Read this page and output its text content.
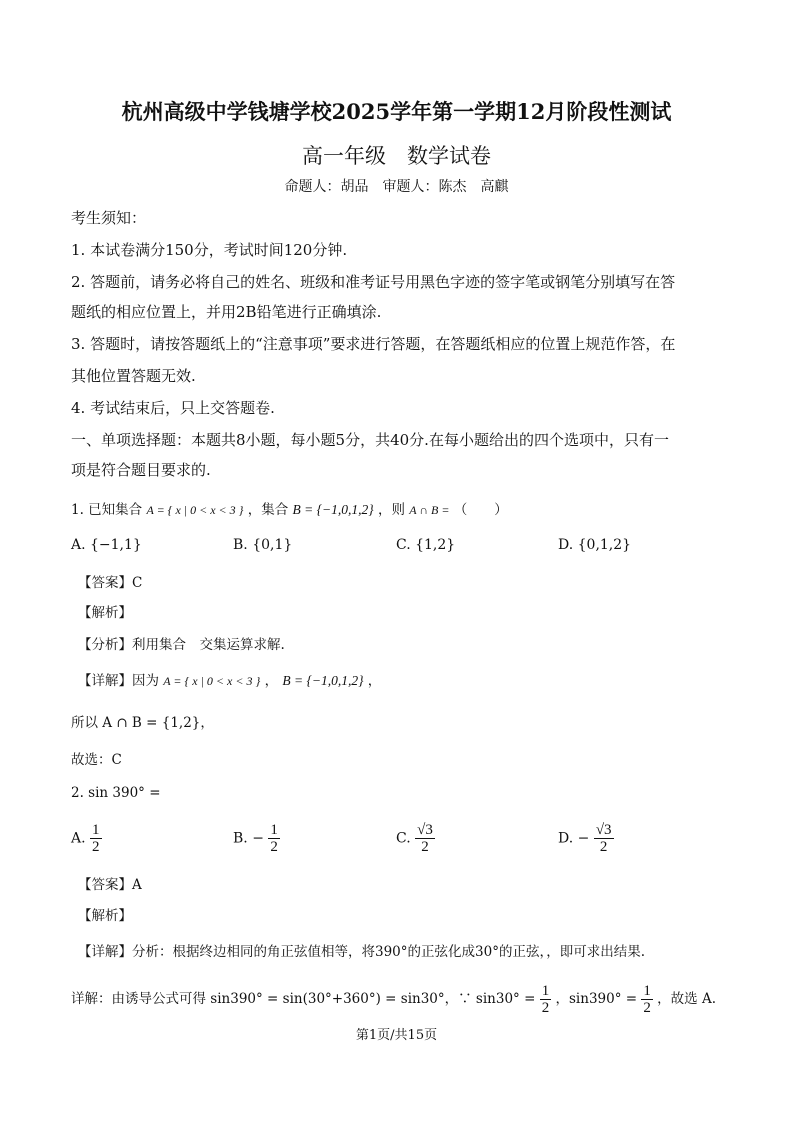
杭州高级中学钱塘学校2025学年第一学期12月阶段性测试
高一年级　数学试卷
命题人：胡品　审题人：陈杰　高麒
考生须知：
1. 本试卷满分150分，考试时间120分钟.
2. 答题前，请务必将自己的姓名、班级和准考证号用黑色字迹的签字笔或钢笔分别填写在答
题纸的相应位置上，并用2B铅笔进行正确填涂.
3. 答题时，请按答题纸上的“注意事项”要求进行答题，在答题纸相应的位置上规范作答，在
其他位置答题无效.
4. 考试结束后，只上交答题卷.
一、单项选择题：本题共8小题，每小题5分，共40分.在每小题给出的四个选项中，只有一
项是符合题目要求的.
1. 已知集合 A = { x | 0 < x < 3 } ，集合 B = {−1,0,1,2} ，则 A ∩ B = （　　）
A. {−1,1}	B. {0,1}	C. {1,2}	D. {0,1,2}
【答案】C
【解析】
【分析】利用集合　交集运算求解.
【详解】因为 A = { x | 0 < x < 3 } ， B = {−1,0,1,2} ，
所以 A ∩ B = {1,2}，
故选：C
2. sin 390° =
A. $\frac{1}{2}$	B. − $\frac{1}{2}$	C. $\frac{√3}{2}$	D. − $\frac{√3}{2}$
【答案】A
【解析】
【详解】分析：根据终边相同的角正弦值相等，将390°的正弦化成30°的正弦，，即可求出结果.
详解：由诱导公式可得 sin390° = sin(30°+360°) = sin30°，∵ $\sin 30^\circ = \frac{1}{2}$ ，$\sin 390^\circ = \frac{1}{2}$ ，故选 A.
第1页/共15页
